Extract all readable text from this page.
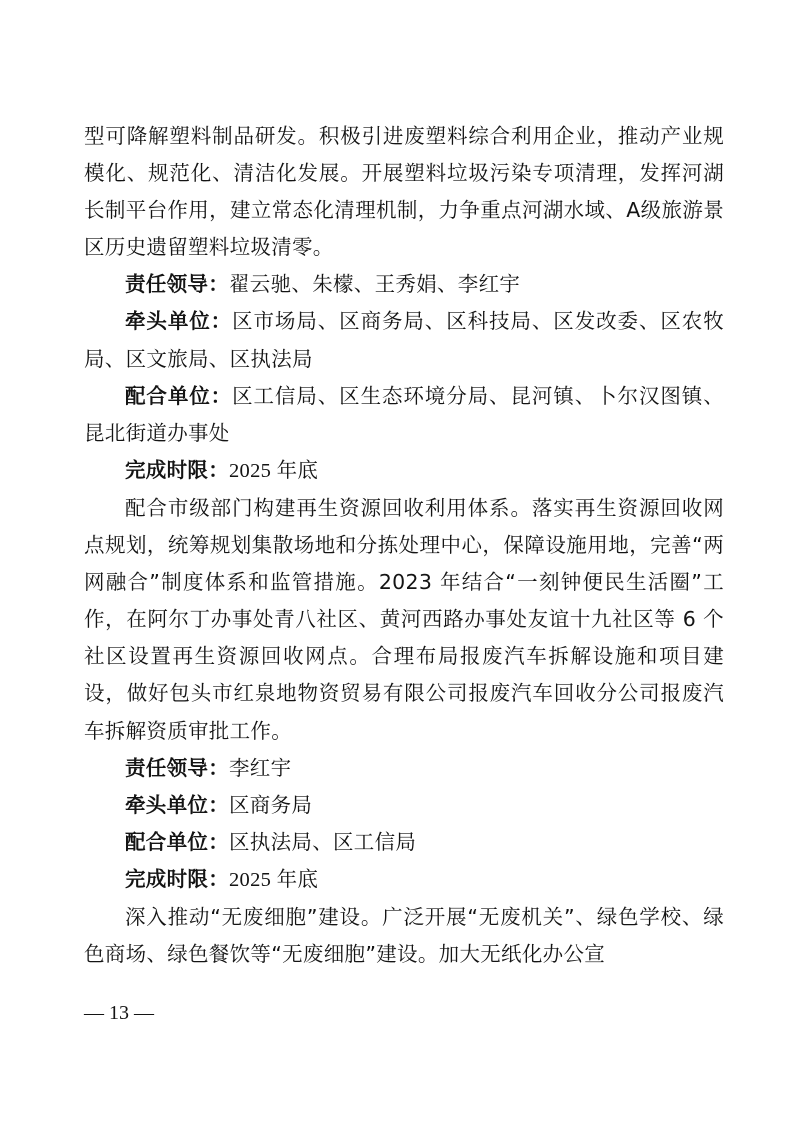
型可降解塑料制品研发。积极引进废塑料综合利用企业，推动产业规模化、规范化、清洁化发展。开展塑料垃圾污染专项清理，发挥河湖长制平台作用，建立常态化清理机制，力争重点河湖水域、A级旅游景区历史遗留塑料垃圾清零。

责任领导：翟云驰、朱檬、王秀娟、李红宇

牵头单位：区市场局、区商务局、区科技局、区发改委、区农牧局、区文旅局、区执法局

配合单位：区工信局、区生态环境分局、昆河镇、卜尔汉图镇、昆北街道办事处

完成时限：2025 年底

配合市级部门构建再生资源回收利用体系。落实再生资源回收网点规划，统筹规划集散场地和分拣处理中心，保障设施用地，完善“两网融合”制度体系和监管措施。2023 年结合“一刻钟便民生活圈”工作，在阿尔丁办事处青八社区、黄河西路办事处友谊十九社区等 6 个社区设置再生资源回收网点。合理布局报废汽车拆解设施和项目建设，做好包头市红泉地物资贸易有限公司报废汽车回收分公司报废汽车拆解资质审批工作。

责任领导：李红宇

牵头单位：区商务局

配合单位：区执法局、区工信局

完成时限：2025 年底

深入推动“无废细胞”建设。广泛开展“无废机关”、绿色学校、绿色商场、绿色餐饮等“无废细胞”建设。加大无纸化办公宣

— 13 —
